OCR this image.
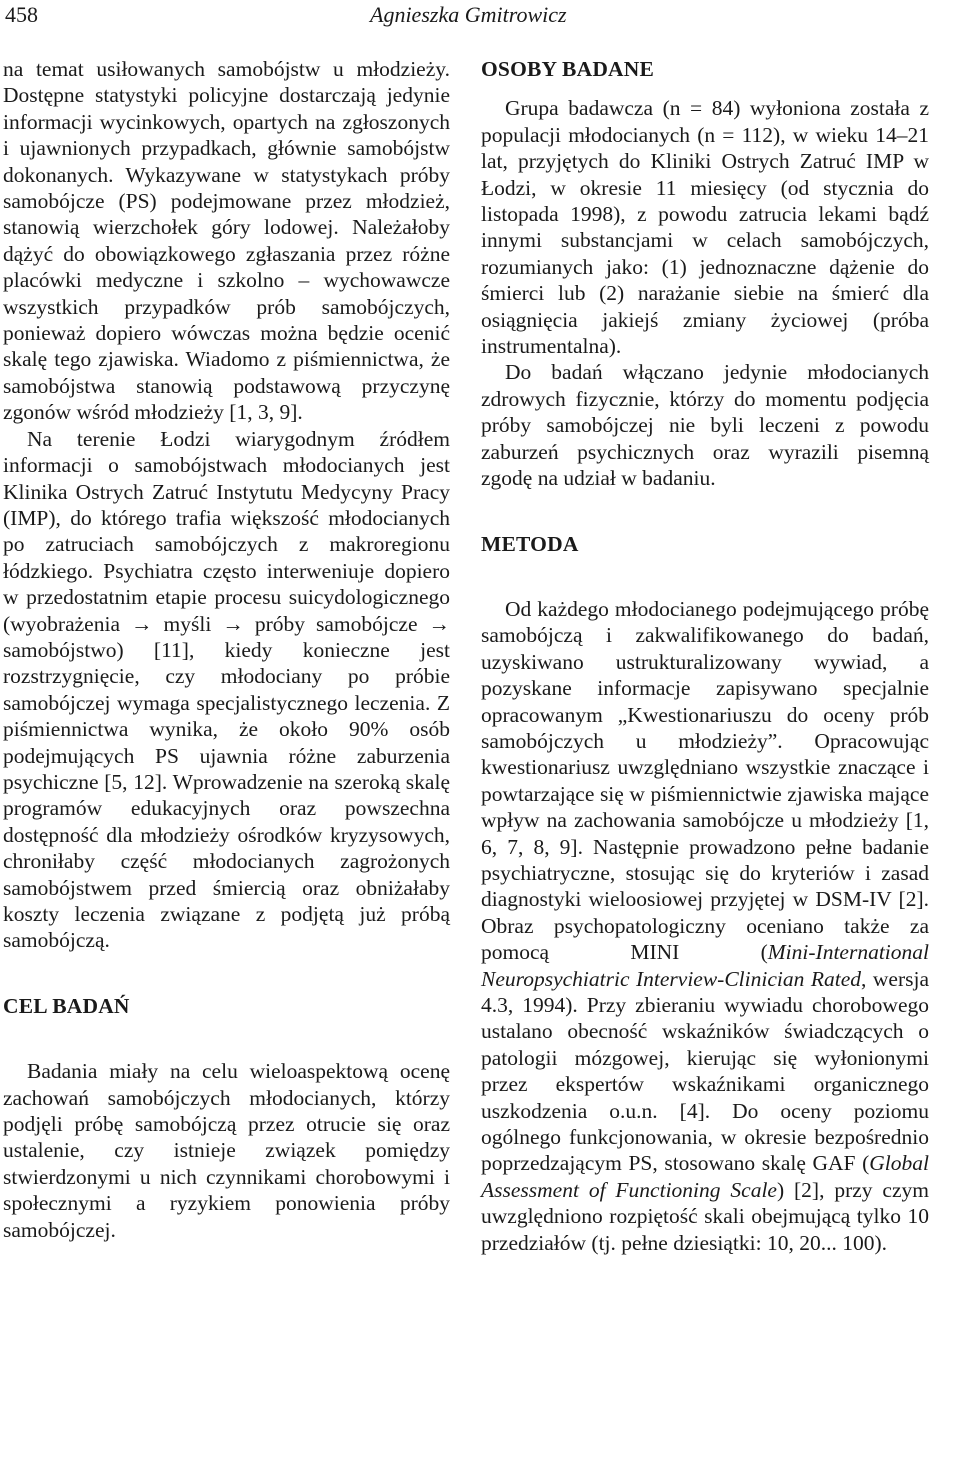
458	Agnieszka Gmitrowicz

na temat usiłowanych samobójstw u młodzieży. Dostępne statystyki policyjne dostarczają jedynie informacji wycinkowych, opartych na zgłoszonych i ujawnionych przypadkach, głównie samobójstw dokonanych. Wykazywane w statystykach próby samobójcze (PS) podejmowane przez młodzież, stanowią wierzchołek góry lodowej. Należałoby dążyć do obowiązkowego zgłaszania przez różne placówki medyczne i szkolno – wychowawcze wszystkich przypadków prób samobójczych, ponieważ dopiero wówczas można będzie ocenić skalę tego zjawiska. Wiadomo z piśmiennictwa, że samobójstwa stanowią podstawową przyczynę zgonów wśród młodzieży [1, 3, 9].

Na terenie Łodzi wiarygodnym źródłem informacji o samobójstwach młodocianych jest Klinika Ostrych Zatruć Instytutu Medycyny Pracy (IMP), do którego trafia większość młodocianych po zatruciach samobójczych z makroregionu łódzkiego. Psychiatra często interweniuje dopiero w przedostatnim etapie procesu suicydologicznego (wyobrażenia → myśli → próby samobójcze → samobójstwo) [11], kiedy konieczne jest rozstrzygnięcie, czy młodociany po próbie samobójczej wymaga specjalistycznego leczenia. Z piśmiennictwa wynika, że około 90% osób podejmujących PS ujawnia różne zaburzenia psychiczne [5, 12]. Wprowadzenie na szeroką skalę programów edukacyjnych oraz powszechna dostępność dla młodzieży ośrodków kryzysowych, chroniłaby część młodocianych zagrożonych samobójstwem przed śmiercią oraz obniżałaby koszty leczenia związane z podjętą już próbą samobójczą.

CEL BADAŃ

Badania miały na celu wieloaspektową ocenę zachowań samobójczych młodocianych, którzy podjęli próbę samobójczą przez otrucie się oraz ustalenie, czy istnieje związek pomiędzy stwierdzonymi u nich czynnikami chorobowymi i społecznymi a ryzykiem ponowienia próby samobójczej.

OSOBY BADANE

Grupa badawcza (n = 84) wyłoniona została z populacji młodocianych (n = 112), w wieku 14–21 lat, przyjętych do Kliniki Ostrych Zatruć IMP w Łodzi, w okresie 11 miesięcy (od stycznia do listopada 1998), z powodu zatrucia lekami bądź innymi substancjami w celach samobójczych, rozumianych jako: (1) jednoznaczne dążenie do śmierci lub (2) narażanie siebie na śmierć dla osiągnięcia jakiejś zmiany życiowej (próba instrumentalna).

Do badań włączano jedynie młodocianych zdrowych fizycznie, którzy do momentu podjęcia próby samobójczej nie byli leczeni z powodu zaburzeń psychicznych oraz wyrazili pisemną zgodę na udział w badaniu.

METODA

Od każdego młodocianego podejmującego próbę samobójczą i zakwalifikowanego do badań, uzyskiwano ustrukturalizowany wywiad, a pozyskane informacje zapisywano specjalnie opracowanym „Kwestionariuszu do oceny prób samobójczych u młodzieży”. Opracowując kwestionariusz uwzględniano wszystkie znaczące i powtarzające się w piśmiennictwie zjawiska mające wpływ na zachowania samobójcze u młodzieży [1, 6, 7, 8, 9]. Następnie prowadzono pełne badanie psychiatryczne, stosując się do kryteriów i zasad diagnostyki wieloosiowej przyjętej w DSM-IV [2]. Obraz psychopatologiczny oceniano także za pomocą MINI (Mini-International Neuropsychiatric Interview-Clinician Rated, wersja 4.3, 1994). Przy zbieraniu wywiadu chorobowego ustalano obecność wskaźników świadczących o patologii mózgowej, kierując się wyłonionymi przez ekspertów wskaźnikami organicznego uszkodzenia o.u.n. [4]. Do oceny poziomu ogólnego funkcjonowania, w okresie bezpośrednio poprzedzającym PS, stosowano skalę GAF (Global Assessment of Functioning Scale) [2], przy czym uwzględniono rozpiętość skali obejmującą tylko 10 przedziałów (tj. pełne dziesiątki: 10, 20... 100).
